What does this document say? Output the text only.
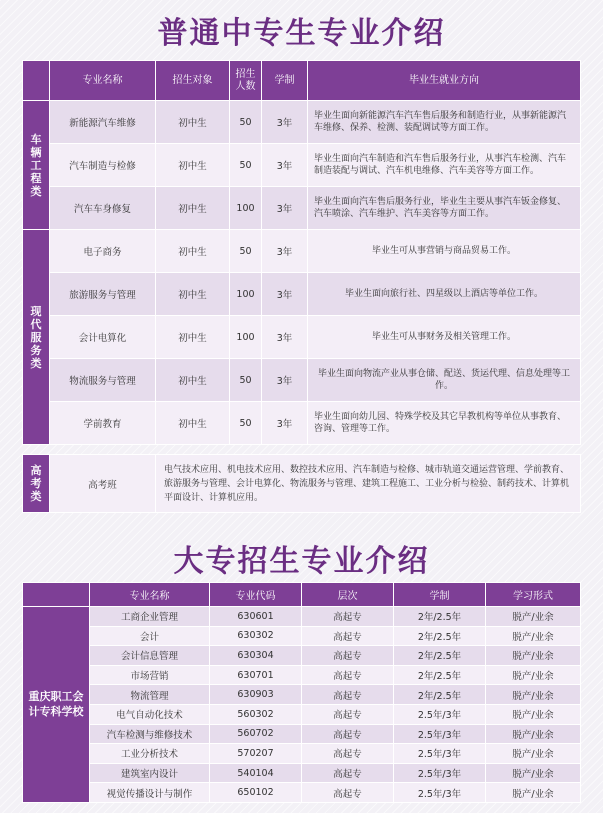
普通中专生专业介绍
	专业名称	招生对象	招生人数	学制	毕业生就业方向
车辆工程类	新能源汽车维修	初中生	50	3年	毕业生面向新能源汽车汽车售后服务和制造行业，从事新能源汽车维修、保养、检测、装配调试等方面工作。
	汽车制造与检修	初中生	50	3年	毕业生面向汽车制造和汽车售后服务行业，从事汽车检测、汽车制造装配与调试、汽车机电维修、汽车美容等方面工作。
	汽车车身修复	初中生	100	3年	毕业生面向汽车售后服务行业，毕业生主要从事汽车钣金修复、汽车喷涂、汽车维护、汽车美容等方面工作。
现代服务类	电子商务	初中生	50	3年	毕业生可从事营销与商品贸易工作。
	旅游服务与管理	初中生	100	3年	毕业生面向旅行社、四星级以上酒店等单位工作。
	会计电算化	初中生	100	3年	毕业生可从事财务及相关管理工作。
	物流服务与管理	初中生	50	3年	毕业生面向物流产业从事仓储、配送、货运代理、信息处理等工作。
	学前教育	初中生	50	3年	毕业生面向幼儿园、特殊学校及其它早教机构等单位从事教育、咨询、管理等工作。

高考类	高考班	电气技术应用、机电技术应用、数控技术应用、汽车制造与检修、城市轨道交通运营管理、学前教育、旅游服务与管理、会计电算化、物流服务与管理、建筑工程施工、工业分析与检验、制药技术、计算机平面设计、计算机应用。			
大专招生专业介绍
	专业名称	专业代码	层次	学制	学习形式
重庆职工会计专科学校	工商企业管理	630601	高起专	2年/2.5年	脱产/业余
	会计	630302	高起专	2年/2.5年	脱产/业余
	会计信息管理	630304	高起专	2年/2.5年	脱产/业余
	市场营销	630701	高起专	2年/2.5年	脱产/业余
	物流管理	630903	高起专	2年/2.5年	脱产/业余
	电气自动化技术	560302	高起专	2.5年/3年	脱产/业余
	汽车检测与维修技术	560702	高起专	2.5年/3年	脱产/业余
	工业分析技术	570207	高起专	2.5年/3年	脱产/业余
	建筑室内设计	540104	高起专	2.5年/3年	脱产/业余
	视觉传播设计与制作	650102	高起专	2.5年/3年	脱产/业余
